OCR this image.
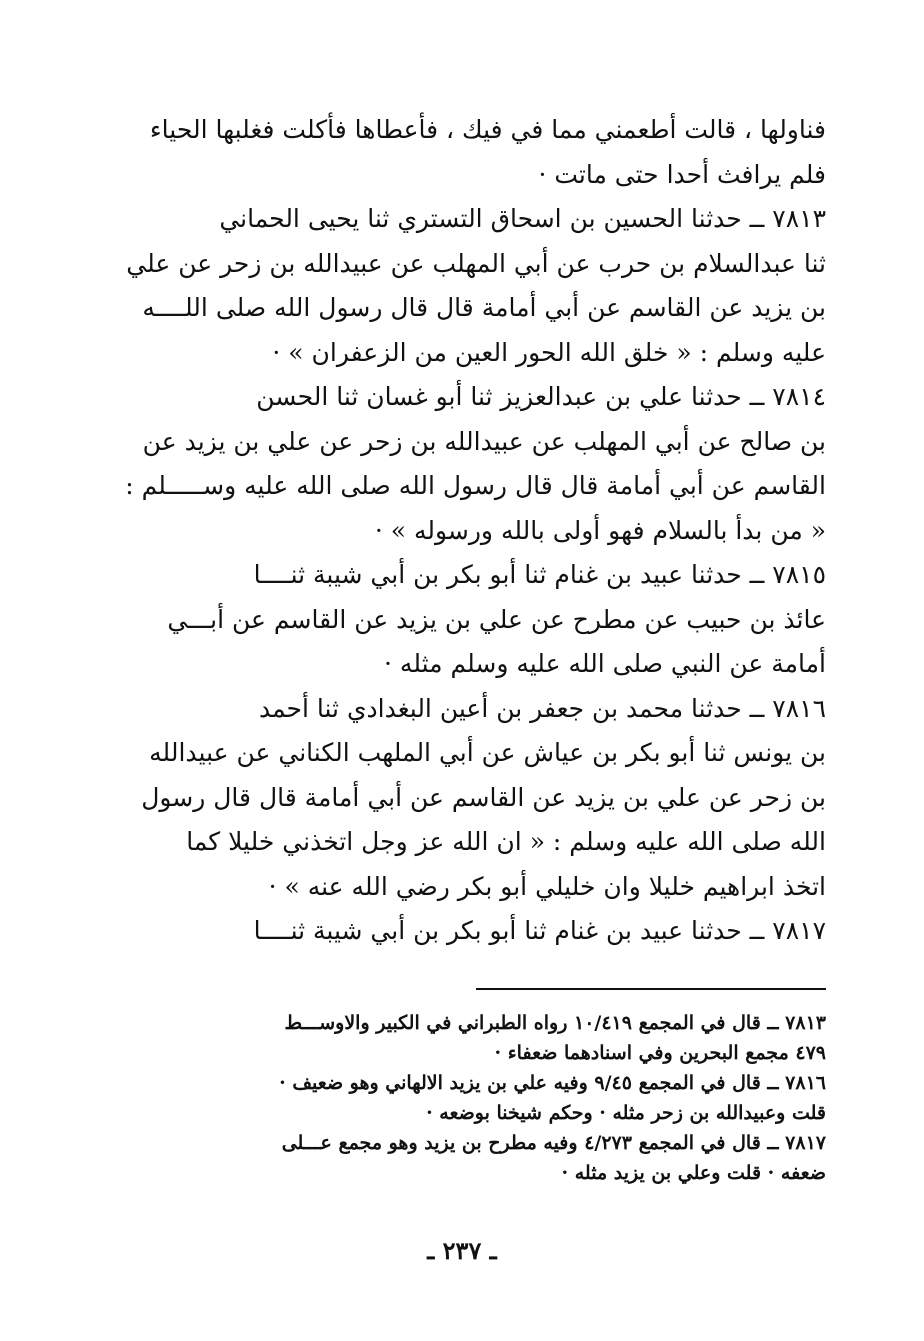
فناولها ، قالت أطعمني مما في فيك ، فأعطاها فأكلت فغلبها الحياء
فلم يرافث أحدا حتى ماتت ·
٧٨١٣ ــ حدثنا الحسين بن اسحاق التستري ثنا يحيى الحماني
ثنا عبدالسلام بن حرب عن أبي المهلب عن عبيدالله بن زحر عن علي
بن يزيد عن القاسم عن أبي أمامة قال قال رسول الله صلى اللــــه
عليه وسلم : « خلق الله الحور العين من الزعفران » ·
٧٨١٤ ــ حدثنا علي بن عبدالعزيز ثنا أبو غسان ثنا الحسن
بن صالح عن أبي المهلب عن عبيدالله بن زحر عن علي بن يزيد عن
القاسم عن أبي أمامة قال قال رسول الله صلى الله عليه وســـــلم :
« من بدأ بالسلام فهو أولى بالله ورسوله » ·
٧٨١٥ ــ حدثنا عبيد بن غنام ثنا أبو بكر بن أبي شيبة ثنــــا
عائذ بن حبيب عن مطرح عن علي بن يزيد عن القاسم عن أبـــي
أمامة عن النبي صلى الله عليه وسلم مثله ·
٧٨١٦ ــ حدثنا محمد بن جعفر بن أعين البغدادي ثنا أحمد
بن يونس ثنا أبو بكر بن عياش عن أبي الملهب الكناني عن عبيدالله
بن زحر عن علي بن يزيد عن القاسم عن أبي أمامة قال قال رسول
الله صلى الله عليه وسلم : « ان الله عز وجل اتخذني خليلا كما
اتخذ ابراهيم خليلا وان خليلي أبو بكر رضي الله عنه » ·
٧٨١٧ ــ حدثنا عبيد بن غنام ثنا أبو بكر بن أبي شيبة ثنــــا
٧٨١٣ ــ قال في المجمع ١٠/٤١٩ رواه الطبراني في الكبير والاوســـط
٤٧٩ مجمع البحرين وفي اسنادهما ضعفاء ·
٧٨١٦ ــ قال في المجمع ٩/٤٥ وفيه علي بن يزيد الالهاني وهو ضعيف ·
قلت وعبيدالله بن زحر مثله · وحكم شيخنا بوضعه ·
٧٨١٧ ــ قال في المجمع ٤/٢٧٣ وفيه مطرح بن يزيد وهو مجمع عـــلى
ضعفه · قلت وعلي بن يزيد مثله ·
ـ ٢٣٧ ـ
